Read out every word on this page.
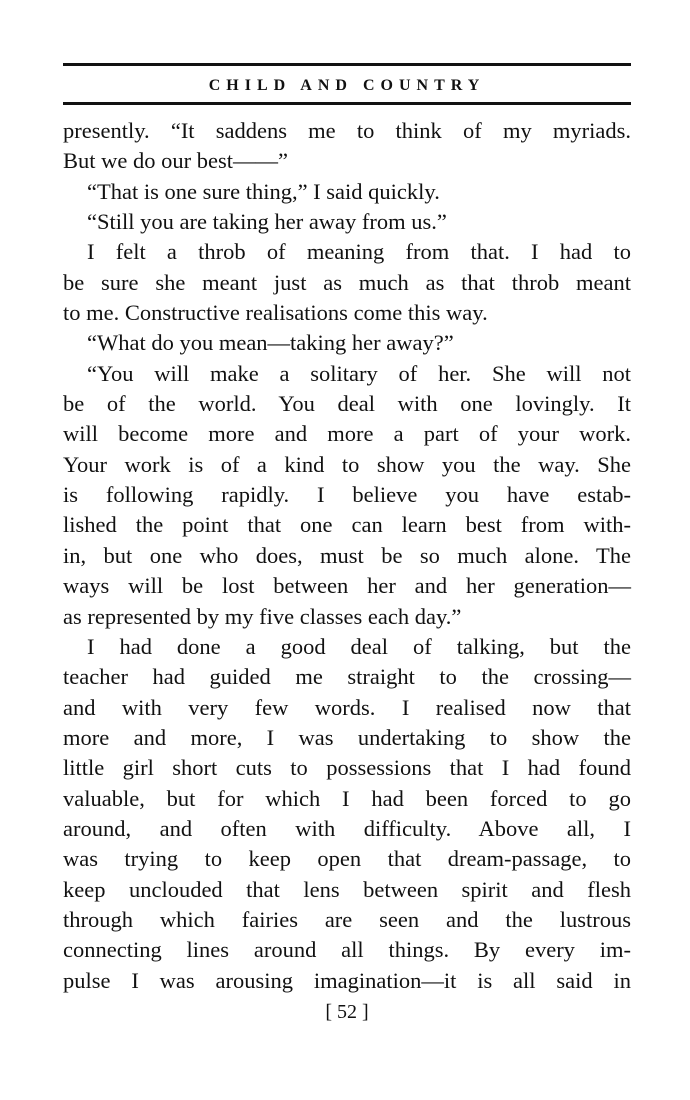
CHILD AND COUNTRY
presently. “It saddens me to think of my myriads.
But we do our best——”
“That is one sure thing,” I said quickly.
“Still you are taking her away from us.”
I felt a throb of meaning from that. I had to
be sure she meant just as much as that throb meant
to me. Constructive realisations come this way.
“What do you mean—taking her away?”
“You will make a solitary of her. She will not
be of the world. You deal with one lovingly. It
will become more and more a part of your work.
Your work is of a kind to show you the way. She
is following rapidly. I believe you have estab-
lished the point that one can learn best from with-
in, but one who does, must be so much alone. The
ways will be lost between her and her generation—
as represented by my five classes each day.”
I had done a good deal of talking, but the
teacher had guided me straight to the crossing—
and with very few words. I realised now that
more and more, I was undertaking to show the
little girl short cuts to possessions that I had found
valuable, but for which I had been forced to go
around, and often with difficulty. Above all, I
was trying to keep open that dream-passage, to
keep unclouded that lens between spirit and flesh
through which fairies are seen and the lustrous
connecting lines around all things. By every im-
pulse I was arousing imagination—it is all said in
[ 52 ]
